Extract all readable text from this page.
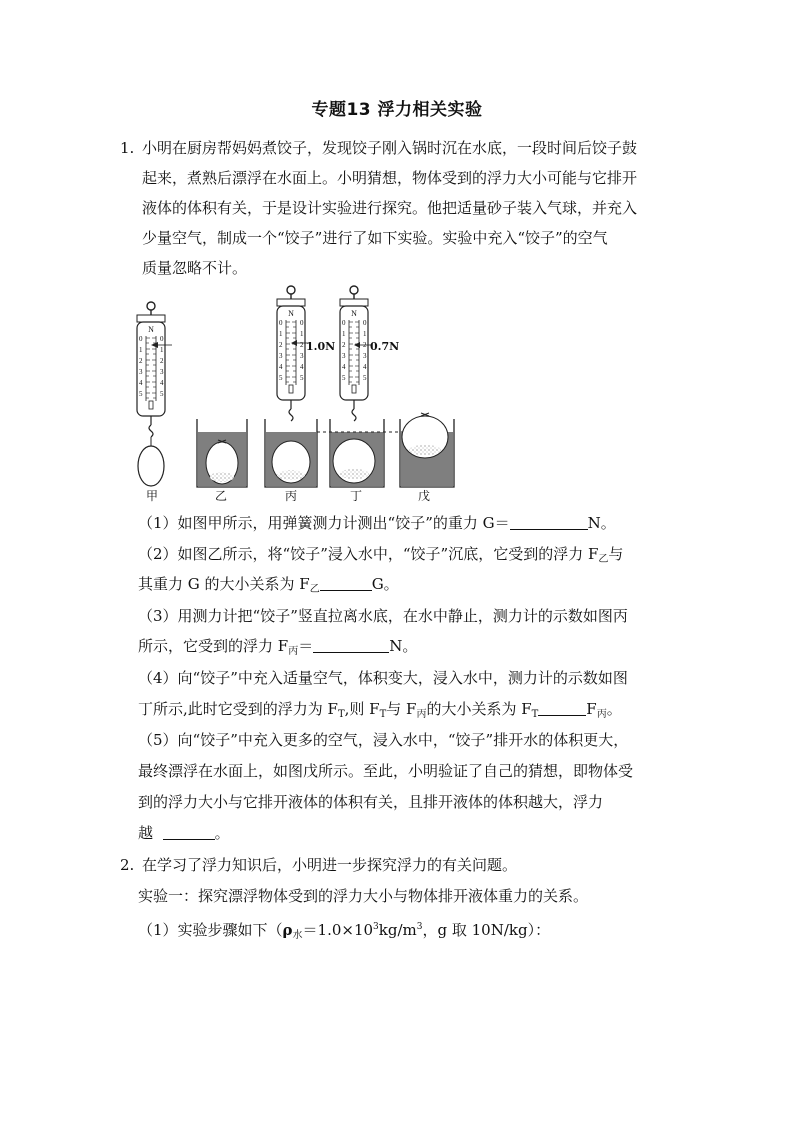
专题13 浮力相关实验
1. 小明在厨房帮妈妈煮饺子，发现饺子刚入锅时沉在水底，一段时间后饺子鼓
起来，煮熟后漂浮在水面上。小明猜想，物体受到的浮力大小可能与它排开
液体的体积有关，于是设计实验进行探究。他把适量砂子装入气球，并充入
少量空气，制成一个“饺子”进行了如下实验。实验中充入“饺子”的空气
质量忽略不计。
N
0
1
2
3
4
5
1.0N	0.7N
甲	乙	丙	丁	戊
（1）如图甲所示，用弹簧测力计测出“饺子”的重力 G＝	N。
（2）如图乙所示，将“饺子”浸入水中，“饺子”沉底，它受到的浮力 $F_乙$与
其重力 G 的大小关系为 $F_乙$	G。
（3）用测力计把“饺子”竖直拉离水底，在水中静止，测力计的示数如图丙
所示，它受到的浮力 $F_丙=$	N。
（4）向“饺子”中充入适量空气，体积变大，浸入水中，测力计的示数如图
丁所示,此时它受到的浮力为 $F_T$,则 $F_T$与 $F_丙$的大小关系为 $F_T$	$F_丙$。
（5）向“饺子”中充入更多的空气，浸入水中，“饺子”排开水的体积更大，
最终漂浮在水面上，如图戊所示。至此，小明验证了自己的猜想，即物体受
到的浮力大小与它排开液体的体积有关，且排开液体的体积越大，浮力
越	。
2. 在学习了浮力知识后，小明进一步探究浮力的有关问题。
实验一：探究漂浮物体受到的浮力大小与物体排开液体重力的关系。
（1）实验步骤如下（$\rho_水=1.0\times 10^3kg/m^3$，g 取 10N/kg）：
